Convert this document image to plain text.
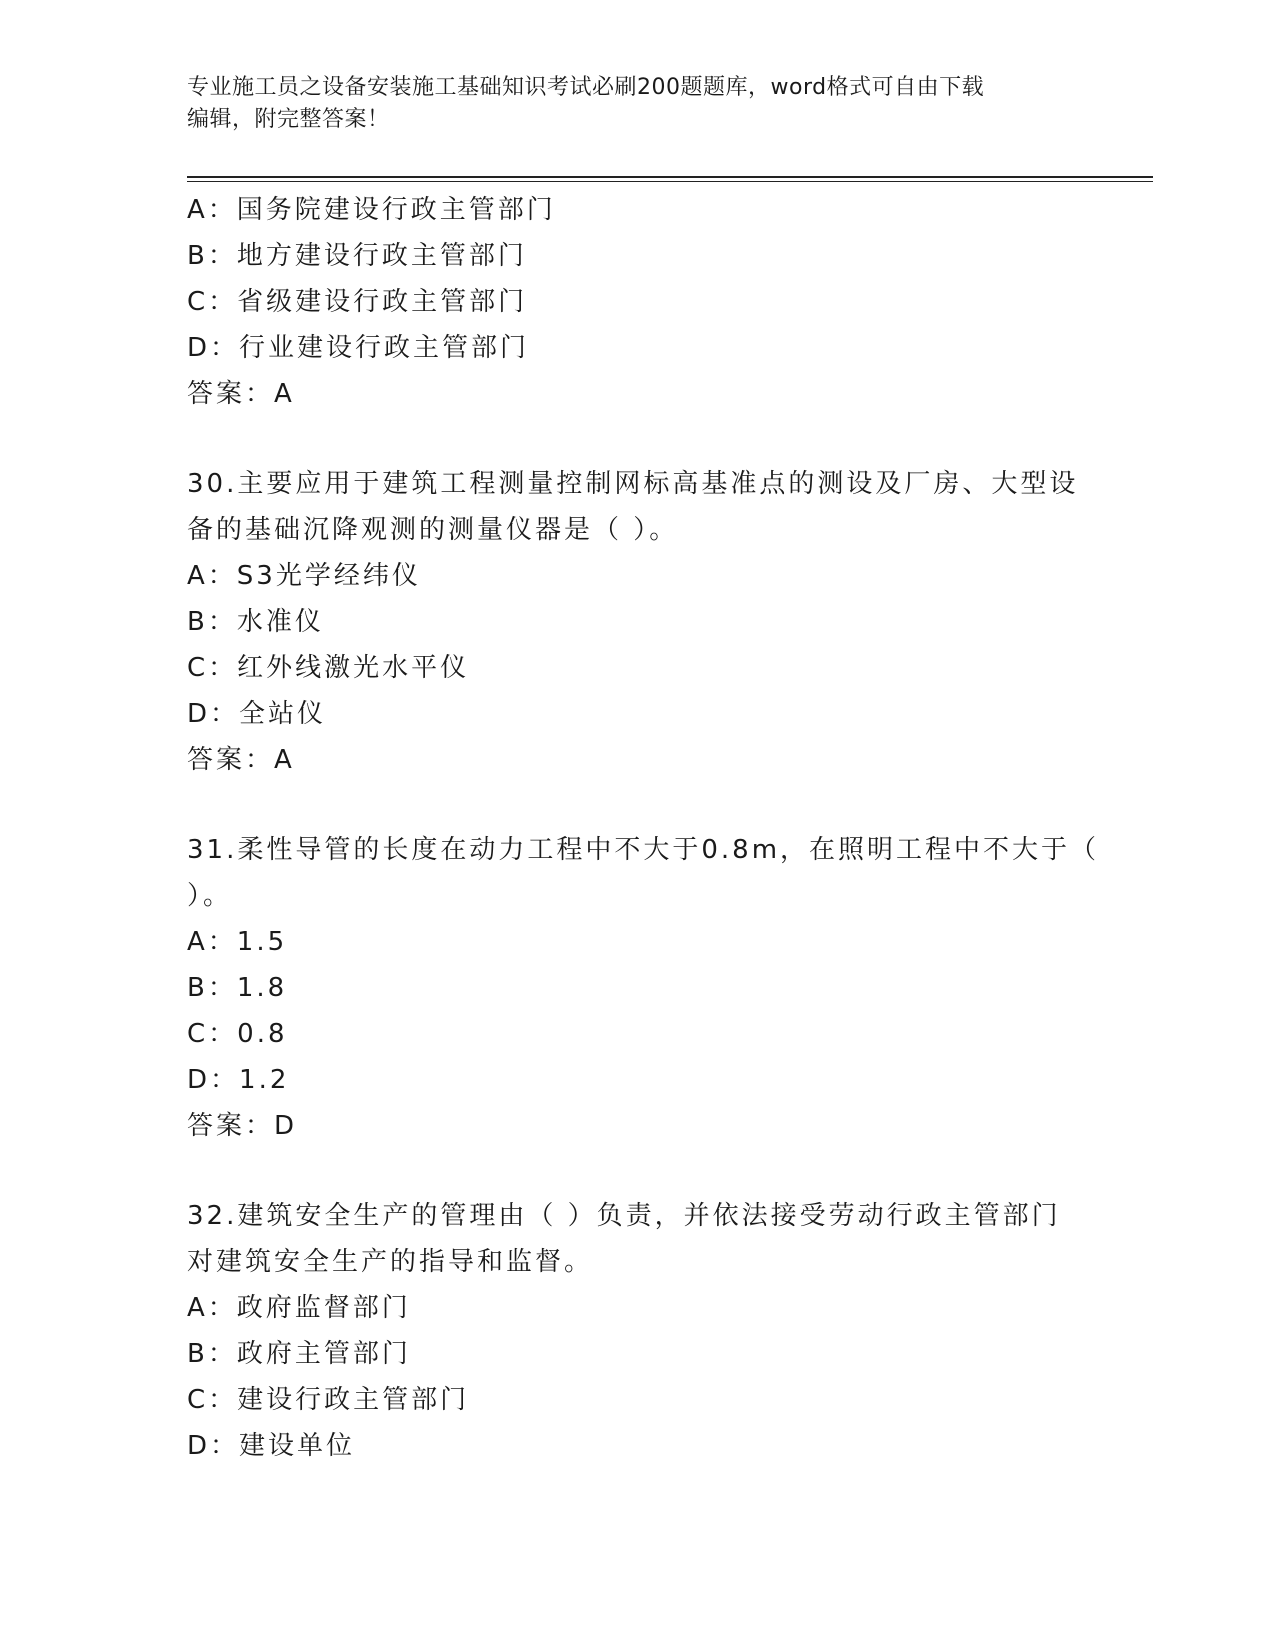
专业施工员之设备安装施工基础知识考试必刷200题题库，word格式可自由下载
编辑，附完整答案！
A：国务院建设行政主管部门
B：地方建设行政主管部门
C：省级建设行政主管部门
D：行业建设行政主管部门
答案：A
30.主要应用于建筑工程测量控制网标高基准点的测设及厂房、大型设
备的基础沉降观测的测量仪器是（ ）。
A：S3光学经纬仪
B：水准仪
C：红外线激光水平仪
D：全站仪
答案：A
31.柔性导管的长度在动力工程中不大于0.8m，在照明工程中不大于（
）。
A：1.5
B：1.8
C：0.8
D：1.2
答案：D
32.建筑安全生产的管理由（ ）负责，并依法接受劳动行政主管部门
对建筑安全生产的指导和监督。
A：政府监督部门
B：政府主管部门
C：建设行政主管部门
D：建设单位
